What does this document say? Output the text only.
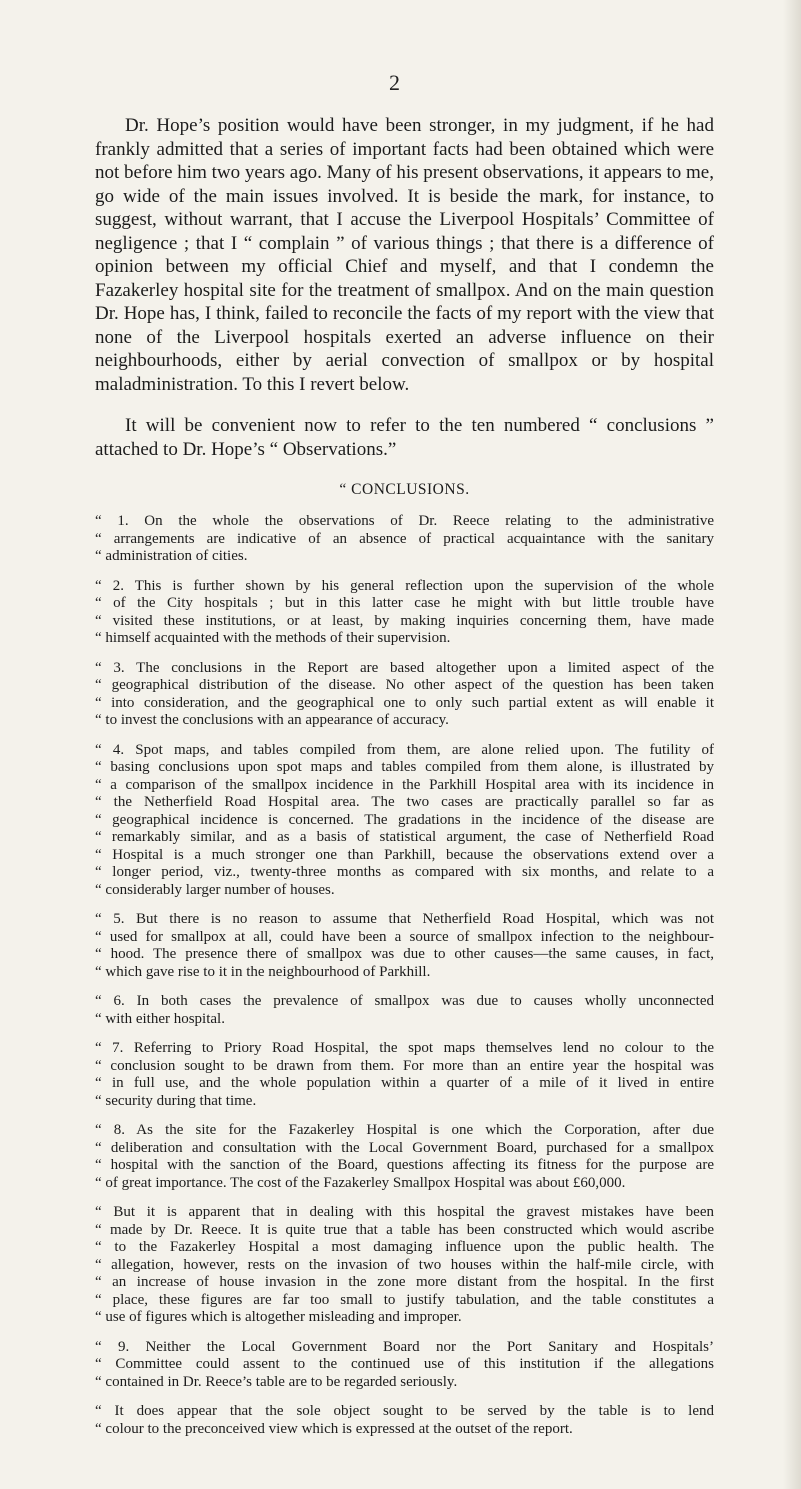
2

Dr. Hope’s position would have been stronger, in my judgment, if he had frankly admitted that a series of important facts had been obtained which were not before him two years ago. Many of his present observations, it appears to me, go wide of the main issues involved. It is beside the mark, for instance, to suggest, without warrant, that I accuse the Liverpool Hospitals’ Committee of negligence ; that I “ complain ” of various things ; that there is a difference of opinion between my official Chief and myself, and that I condemn the Fazakerley hospital site for the treatment of smallpox. And on the main question Dr. Hope has, I think, failed to reconcile the facts of my report with the view that none of the Liverpool hospitals exerted an adverse influence on their neighbourhoods, either by aerial convection of smallpox or by hospital maladministration. To this I revert below.

It will be convenient now to refer to the ten numbered “ conclusions ” attached to Dr. Hope’s “ Observations.”

“ CONCLUSIONS.
“ 1. On the whole the observations of Dr. Reece relating to the administrative
“ arrangements are indicative of an absence of practical acquaintance with the sanitary
“ administration of cities.
“ 2. This is further shown by his general reflection upon the supervision of the whole
“ of the City hospitals ; but in this latter case he might with but little trouble have
“ visited these institutions, or at least, by making inquiries concerning them, have made
“ himself acquainted with the methods of their supervision.
“ 3. The conclusions in the Report are based altogether upon a limited aspect of the
“ geographical distribution of the disease. No other aspect of the question has been taken
“ into consideration, and the geographical one to only such partial extent as will enable it
“ to invest the conclusions with an appearance of accuracy.
“ 4. Spot maps, and tables compiled from them, are alone relied upon. The futility of
“ basing conclusions upon spot maps and tables compiled from them alone, is illustrated by
“ a comparison of the smallpox incidence in the Parkhill Hospital area with its incidence in
“ the Netherfield Road Hospital area. The two cases are practically parallel so far as
“ geographical incidence is concerned. The gradations in the incidence of the disease are
“ remarkably similar, and as a basis of statistical argument, the case of Netherfield Road
“ Hospital is a much stronger one than Parkhill, because the observations extend over a
“ longer period, viz., twenty-three months as compared with six months, and relate to a
“ considerably larger number of houses.
“ 5. But there is no reason to assume that Netherfield Road Hospital, which was not
“ used for smallpox at all, could have been a source of smallpox infection to the neighbour-
“ hood. The presence there of smallpox was due to other causes—the same causes, in fact,
“ which gave rise to it in the neighbourhood of Parkhill.
“ 6. In both cases the prevalence of smallpox was due to causes wholly unconnected
“ with either hospital.
“ 7. Referring to Priory Road Hospital, the spot maps themselves lend no colour to the
“ conclusion sought to be drawn from them. For more than an entire year the hospital was
“ in full use, and the whole population within a quarter of a mile of it lived in entire
“ security during that time.
“ 8. As the site for the Fazakerley Hospital is one which the Corporation, after due
“ deliberation and consultation with the Local Government Board, purchased for a smallpox
“ hospital with the sanction of the Board, questions affecting its fitness for the purpose are
“ of great importance. The cost of the Fazakerley Smallpox Hospital was about £60,000.
“ But it is apparent that in dealing with this hospital the gravest mistakes have been
“ made by Dr. Reece. It is quite true that a table has been constructed which would ascribe
“ to the Fazakerley Hospital a most damaging influence upon the public health. The
“ allegation, however, rests on the invasion of two houses within the half-mile circle, with
“ an increase of house invasion in the zone more distant from the hospital. In the first
“ place, these figures are far too small to justify tabulation, and the table constitutes a
“ use of figures which is altogether misleading and improper.
“ 9. Neither the Local Government Board nor the Port Sanitary and Hospitals’
“ Committee could assent to the continued use of this institution if the allegations
“ contained in Dr. Reece’s table are to be regarded seriously.
“ It does appear that the sole object sought to be served by the table is to lend
“ colour to the preconceived view which is expressed at the outset of the report.
